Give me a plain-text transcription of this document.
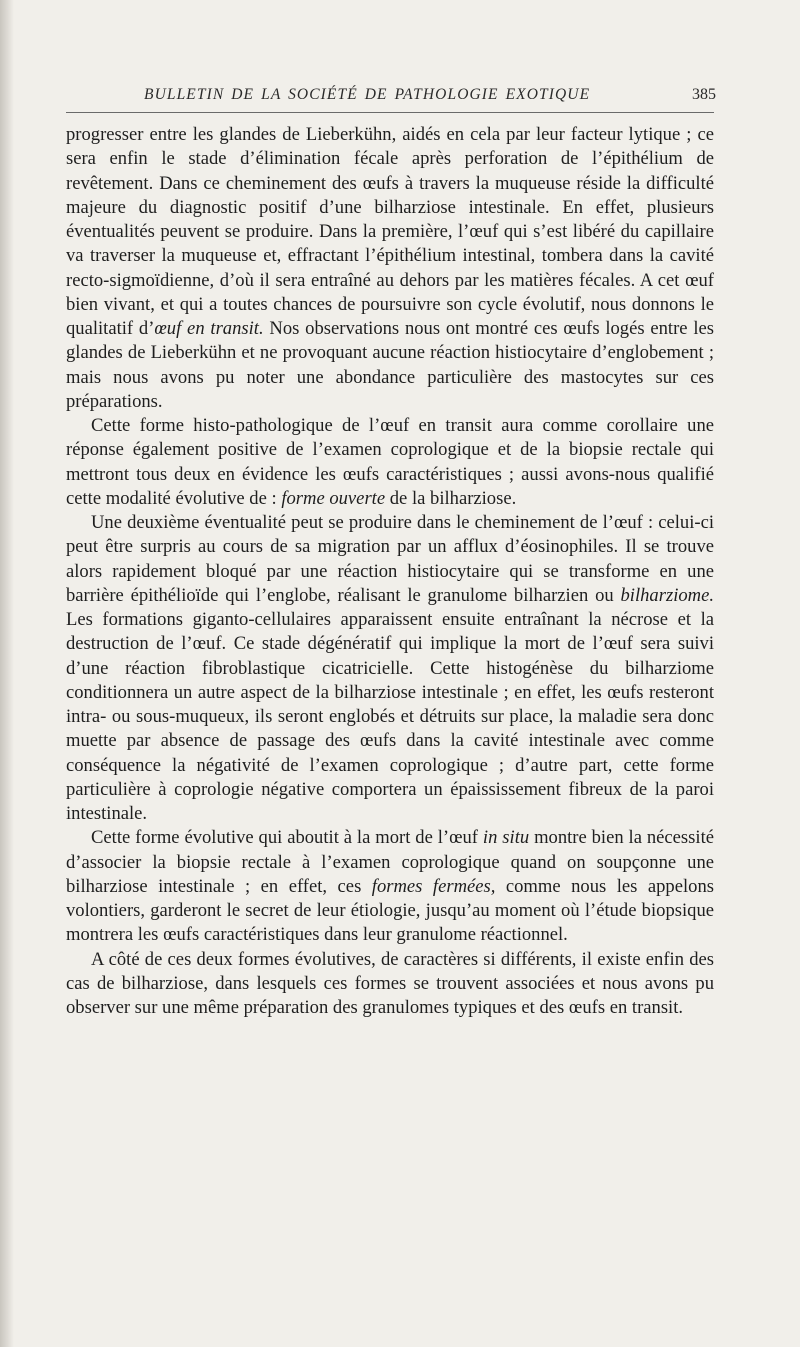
BULLETIN DE LA SOCIÉTÉ DE PATHOLOGIE EXOTIQUE	385

progresser entre les glandes de Lieberkühn, aidés en cela par leur facteur lytique ; ce sera enfin le stade d’élimination fécale après perforation de l’épithélium de revêtement. Dans ce cheminement des œufs à travers la muqueuse réside la difficulté majeure du diagnostic positif d’une bilharziose intestinale. En effet, plusieurs éventualités peuvent se produire. Dans la première, l’œuf qui s’est libéré du capillaire va traverser la muqueuse et, effractant l’épithélium intestinal, tombera dans la cavité recto-sigmoïdienne, d’où il sera entraîné au dehors par les matières fécales. A cet œuf bien vivant, et qui a toutes chances de poursuivre son cycle évolutif, nous donnons le qualitatif d’œuf en transit. Nos observations nous ont montré ces œufs logés entre les glandes de Lieberkühn et ne provoquant aucune réaction histiocytaire d’englobement ; mais nous avons pu noter une abondance particulière des mastocytes sur ces préparations.

Cette forme histo-pathologique de l’œuf en transit aura comme corollaire une réponse également positive de l’examen coprologique et de la biopsie rectale qui mettront tous deux en évidence les œufs caractéristiques ; aussi avons-nous qualifié cette modalité évolutive de : forme ouverte de la bilharziose.

Une deuxième éventualité peut se produire dans le cheminement de l’œuf : celui-ci peut être surpris au cours de sa migration par un afflux d’éosinophiles. Il se trouve alors rapidement bloqué par une réaction histiocytaire qui se transforme en une barrière épithélioïde qui l’englobe, réalisant le granulome bilharzien ou bilharziome. Les formations giganto-cellulaires apparaissent ensuite entraînant la nécrose et la destruction de l’œuf. Ce stade dégénératif qui implique la mort de l’œuf sera suivi d’une réaction fibroblastique cicatricielle. Cette histogénèse du bilharziome conditionnera un autre aspect de la bilharziose intestinale ; en effet, les œufs resteront intra- ou sous-muqueux, ils seront englobés et détruits sur place, la maladie sera donc muette par absence de passage des œufs dans la cavité intestinale avec comme conséquence la négativité de l’examen coprologique ; d’autre part, cette forme particulière à coprologie négative comportera un épaississement fibreux de la paroi intestinale.

Cette forme évolutive qui aboutit à la mort de l’œuf in situ montre bien la nécessité d’associer la biopsie rectale à l’examen coprologique quand on soupçonne une bilharziose intestinale ; en effet, ces formes fermées, comme nous les appelons volontiers, garderont le secret de leur étiologie, jusqu’au moment où l’étude biopsique montrera les œufs caractéristiques dans leur granulome réactionnel.

A côté de ces deux formes évolutives, de caractères si différents, il existe enfin des cas de bilharziose, dans lesquels ces formes se trouvent associées et nous avons pu observer sur une même préparation des granulomes typiques et des œufs en transit.
